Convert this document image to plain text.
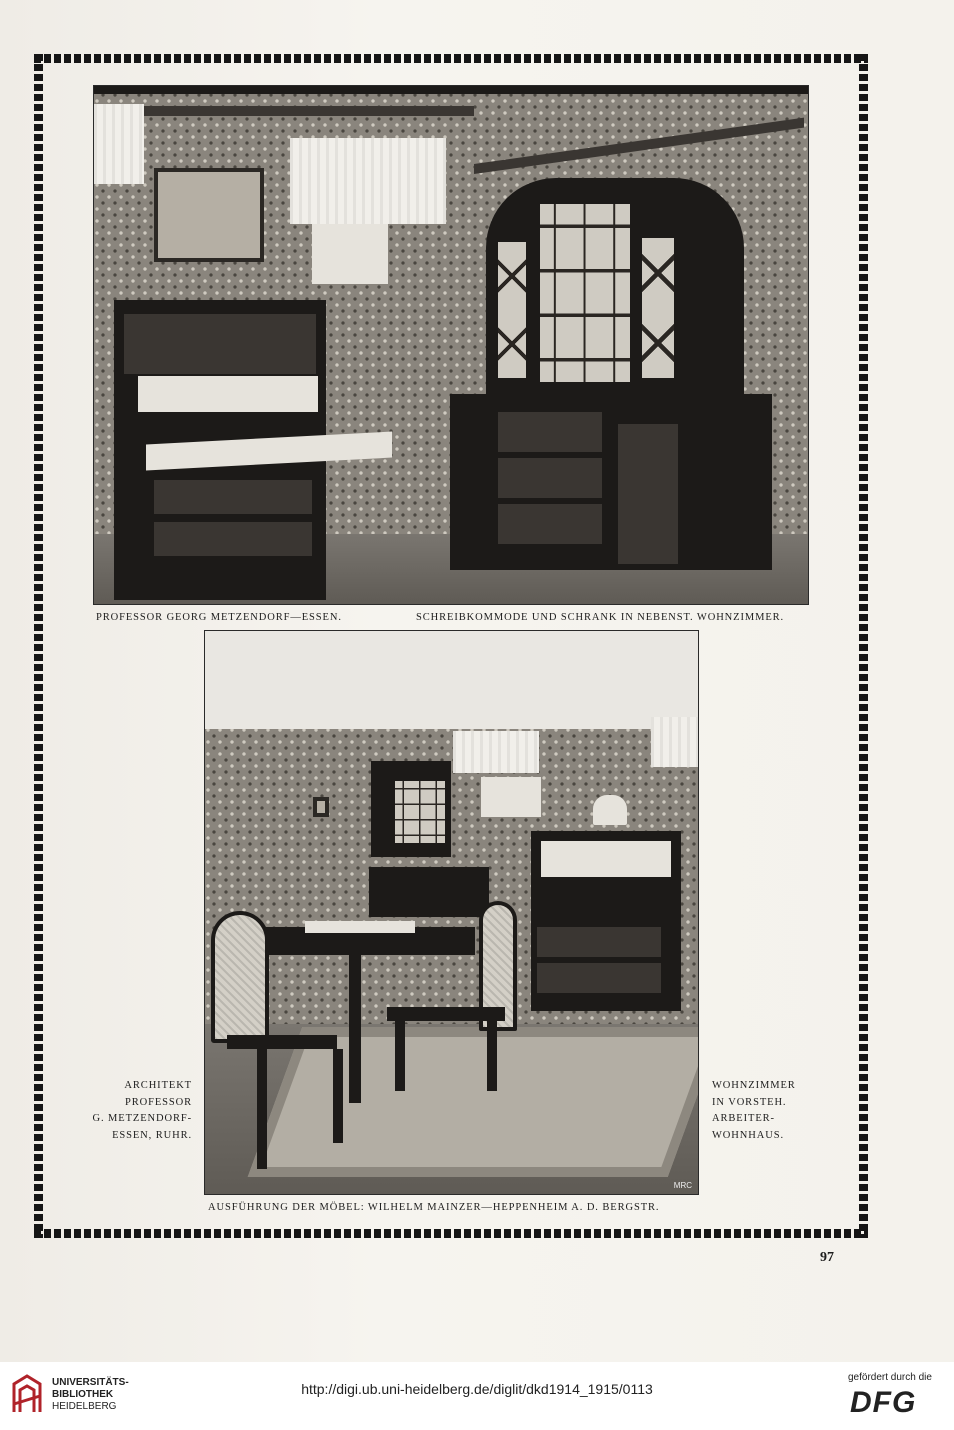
PROFESSOR GEORG METZENDORF—ESSEN.	SCHREIBKOMMODE UND SCHRANK IN NEBENST. WOHNZIMMER.
MRC
ARCHITEKT
PROFESSOR
G. METZENDORF-
ESSEN, RUHR.
WOHNZIMMER
IN VORSTEH.
ARBEITER-
WOHNHAUS.
AUSFÜHRUNG DER MÖBEL: WILHELM MAINZER—HEPPENHEIM A. D. BERGSTR.
97
UNIVERSITÄTS-
BIBLIOTHEK
HEIDELBERG
http://digi.ub.uni-heidelberg.de/diglit/dkd1914_1915/0113
gefördert durch die
DFG
